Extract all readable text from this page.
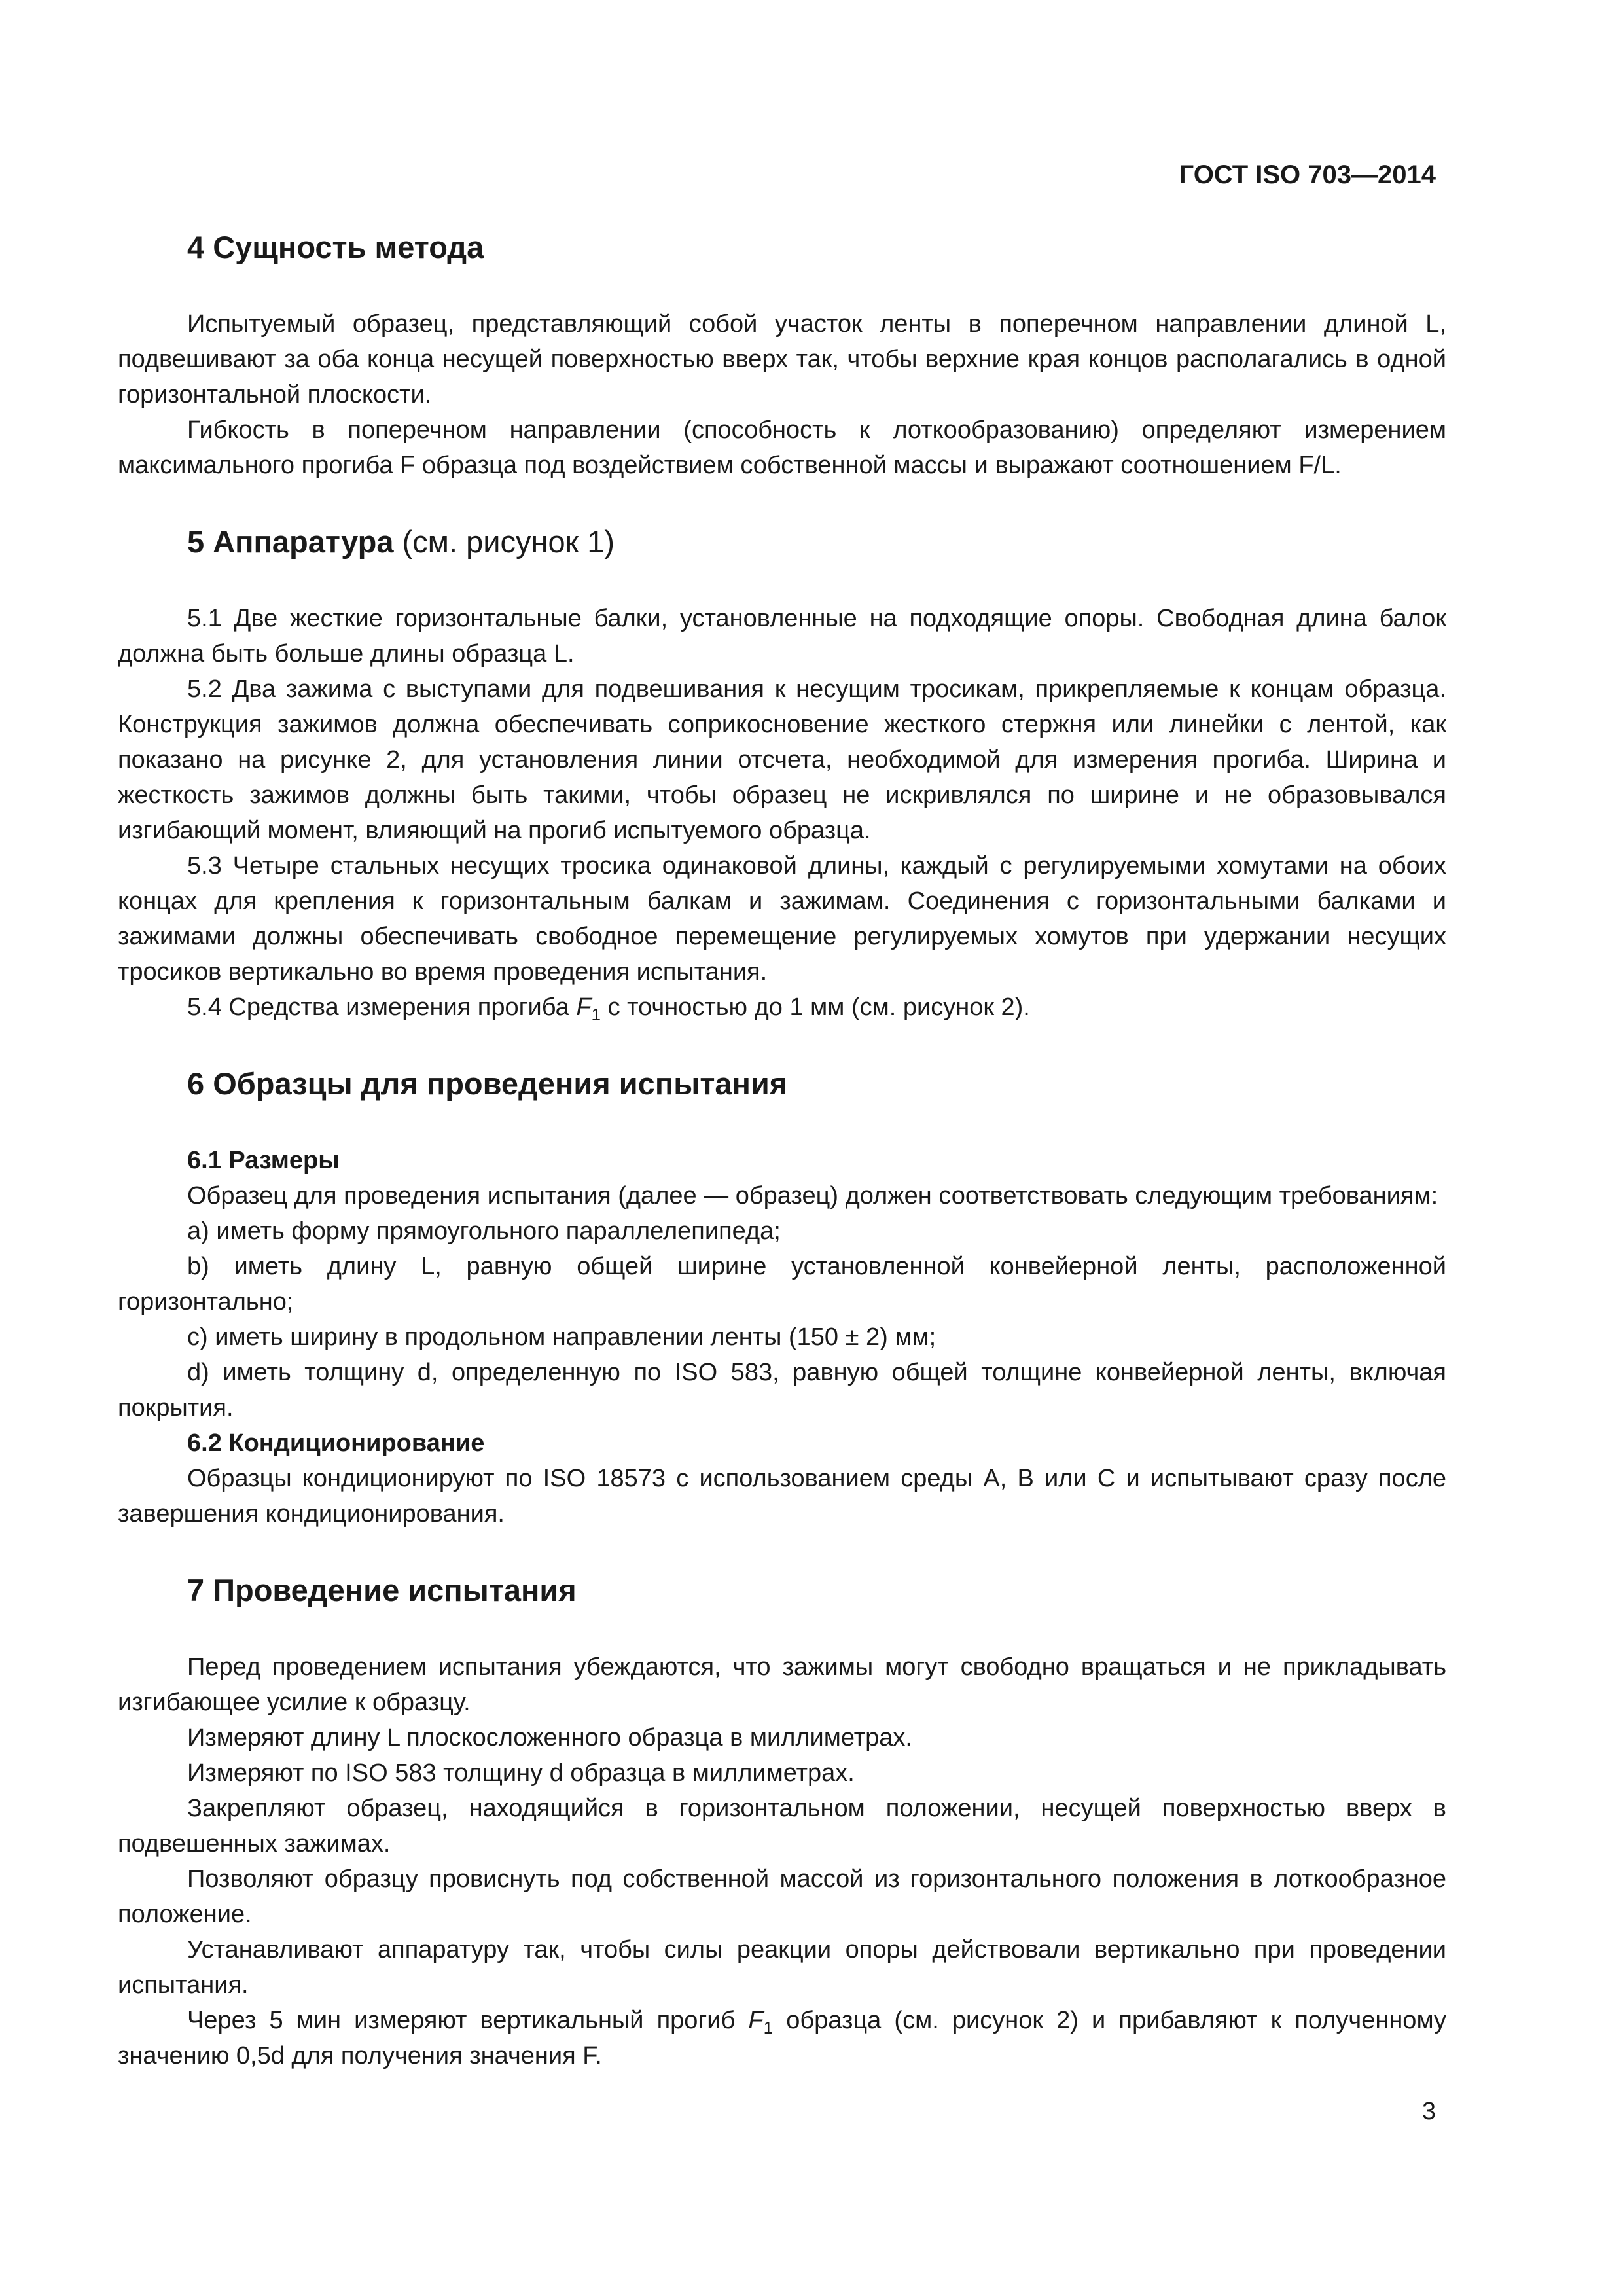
ГОСТ ISO 703—2014
4 Сущность метода

Испытуемый образец, представляющий собой участок ленты в поперечном направлении длиной L, подвешивают за оба конца несущей поверхностью вверх так, чтобы верхние края концов располагались в одной горизонтальной плоскости.

Гибкость в поперечном направлении (способность к лоткообразованию) определяют измерением максимального прогиба F образца под воздействием собственной массы и выражают соотношением F/L.

5 Аппаратура (см. рисунок 1)

5.1 Две жесткие горизонтальные балки, установленные на подходящие опоры. Свободная длина балок должна быть больше длины образца L.

5.2 Два зажима с выступами для подвешивания к несущим тросикам, прикрепляемые к концам образца. Конструкция зажимов должна обеспечивать соприкосновение жесткого стержня или линейки с лентой, как показано на рисунке 2, для установления линии отсчета, необходимой для измерения прогиба. Ширина и жесткость зажимов должны быть такими, чтобы образец не искривлялся по ширине и не образовывался изгибающий момент, влияющий на прогиб испытуемого образца.

5.3 Четыре стальных несущих тросика одинаковой длины, каждый с регулируемыми хомутами на обоих концах для крепления к горизонтальным балкам и зажимам. Соединения с горизонтальными балками и зажимами должны обеспечивать свободное перемещение регулируемых хомутов при удержании несущих тросиков вертикально во время проведения испытания.

5.4 Средства измерения прогиба $F_1$ с точностью до 1 мм (см. рисунок 2).

6 Образцы для проведения испытания
6.1 Размеры

Образец для проведения испытания (далее — образец) должен соответствовать следующим требованиям:

a) иметь форму прямоугольного параллелепипеда;

b) иметь длину L, равную общей ширине установленной конвейерной ленты, расположенной горизонтально;

c) иметь ширину в продольном направлении ленты (150 ± 2) мм;

d) иметь толщину d, определенную по ISO 583, равную общей толщине конвейерной ленты, включая покрытия.

6.2 Кондиционирование

Образцы кондиционируют по ISO 18573 с использованием среды А, В или С и испытывают сразу после завершения кондиционирования.

7 Проведение испытания

Перед проведением испытания убеждаются, что зажимы могут свободно вращаться и не прикладывать изгибающее усилие к образцу.

Измеряют длину L плоскосложенного образца в миллиметрах.

Измеряют по ISO 583 толщину d образца в миллиметрах.

Закрепляют образец, находящийся в горизонтальном положении, несущей поверхностью вверх в подвешенных зажимах.

Позволяют образцу провиснуть под собственной массой из горизонтального положения в лоткообразное положение.

Устанавливают аппаратуру так, чтобы силы реакции опоры действовали вертикально при проведении испытания.

Через 5 мин измеряют вертикальный прогиб $F_1$ образца (см. рисунок 2) и прибавляют к полученному значению 0,5d для получения значения F.

3
